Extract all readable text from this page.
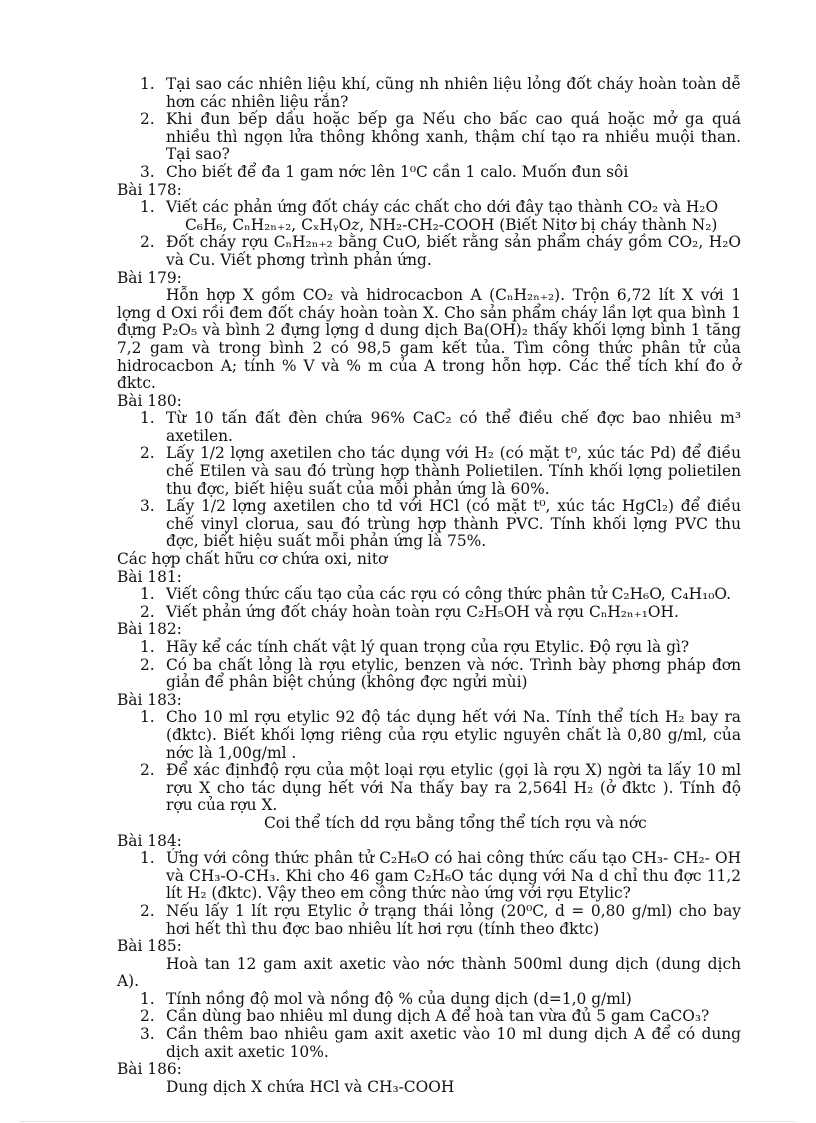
1. Tại sao các nhiên liệu khí, cũng nh nhiên liệu lỏng đốt cháy hoàn toàn dễ hơn các nhiên liệu rắn?
2. Khi đun bếp dầu hoặc bếp ga Nếu cho bấc cao quá hoặc mở ga quá nhiều thì ngọn lửa thông không xanh, thậm chí tạo ra nhiều muội than. Tại sao?
3. Cho biết để đa 1 gam nớc lên 1⁰C cần 1 calo. Muốn đun sôi
Bài 178:
1. Viết các phản ứng đốt cháy các chất cho dới đây tạo thành CO₂ và H₂O
C₆H₆, CₙH₂ₙ₊₂, CₓHᵧO𝑧, NH₂-CH₂-COOH (Biết Nitơ bị cháy thành N₂)
2. Đốt cháy rợu CₙH₂ₙ₊₂ bằng CuO, biết rằng sản phẩm cháy gồm CO₂, H₂O và Cu. Viết phơng trình phản ứng.
Bài 179:
Hỗn hợp X gồm CO₂ và hidrocacbon A (CₙH₂ₙ₊₂). Trộn 6,72 lít X với 1 lợng d Oxi rồi đem đốt cháy hoàn toàn X. Cho sản phẩm cháy lần lợt qua bình 1 đựng P₂O₅ và bình 2 đựng lợng d dung dịch Ba(OH)₂ thấy khối lợng bình 1 tăng 7,2 gam và trong bình 2 có 98,5 gam kết tủa. Tìm công thức phân tử của hidrocacbon A; tính % V và % m của A trong hỗn hợp. Các thể tích khí đo ở đktc.
Bài 180:
1. Từ 10 tấn đất đèn chứa 96% CaC₂ có thể điều chế đợc bao nhiêu m³ axetilen.
2. Lấy 1/2 lợng axetilen cho tác dụng với H₂ (có mặt t⁰, xúc tác Pd) để điều chế Etilen và sau đó trùng hợp thành Polietilen. Tính khối lợng polietilen thu đợc, biết hiệu suất của mỗi phản ứng là 60%.
3. Lấy 1/2 lợng axetilen cho td với HCl (có mặt t⁰, xúc tác HgCl₂) để điều chế vinyl clorua, sau đó trùng hợp thành PVC. Tính khối lợng PVC thu đợc, biết hiệu suất mỗi phản ứng là 75%.
Các hợp chất hữu cơ chứa oxi, nitơ
Bài 181:
1. Viết công thức cấu tạo của các rợu có công thức phân tử C₂H₆O, C₄H₁₀O.
2. Viết phản ứng đốt cháy hoàn toàn rợu C₂H₅OH và rợu CₙH₂ₙ₊₁OH.
Bài 182:
1. Hãy kể các tính chất vật lý quan trọng của rợu Etylic. Độ rợu là gì?
2. Có ba chất lỏng là rợu etylic, benzen và nớc. Trình bày phơng pháp đơn giản để phân biệt chúng (không đợc ngửi mùi)
Bài 183:
1. Cho 10 ml rợu etylic 92 độ tác dụng hết với Na. Tính thể tích H₂ bay ra (đktc). Biết khối lợng riêng của rợu etylic nguyên chất là 0,80 g/ml, của nớc là 1,00g/ml .
2. Để xác địnhđộ rợu của một loại rợu etylic (gọi là rợu X) ngời ta lấy 10 ml rợu X cho tác dụng hết với Na thấy bay ra 2,564l H₂ (ở đktc ). Tính độ rợu của rợu X.
Coi thể tích dd rợu bằng tổng thể tích rợu và nớc
Bài 184:
1. Ứng với công thức phân tử C₂H₆O có hai công thức cấu tạo CH₃- CH₂- OH và CH₃-O-CH₃. Khi cho 46 gam C₂H₆O tác dụng với Na d chỉ thu đợc 11,2 lít H₂ (đktc). Vậy theo em công thức nào ứng với rợu Etylic?
2. Nếu lấy 1 lít rợu Etylic ở trạng thái lỏng (20⁰C, d = 0,80 g/ml) cho bay hơi hết thì thu đợc bao nhiêu lít hơi rợu (tính theo đktc)
Bài 185:
Hoà tan 12 gam axit axetic vào nớc thành 500ml dung dịch (dung dịch A).
1. Tính nồng độ mol và nồng độ % của dung dịch (d=1,0 g/ml)
2. Cần dùng bao nhiêu ml dung dịch A để hoà tan vừa đủ 5 gam CaCO₃?
3. Cần thêm bao nhiêu gam axit axetic vào 10 ml dung dịch A để có dung dịch axit axetic 10%.
Bài 186:
Dung dịch X chứa HCl và CH₃-COOH
